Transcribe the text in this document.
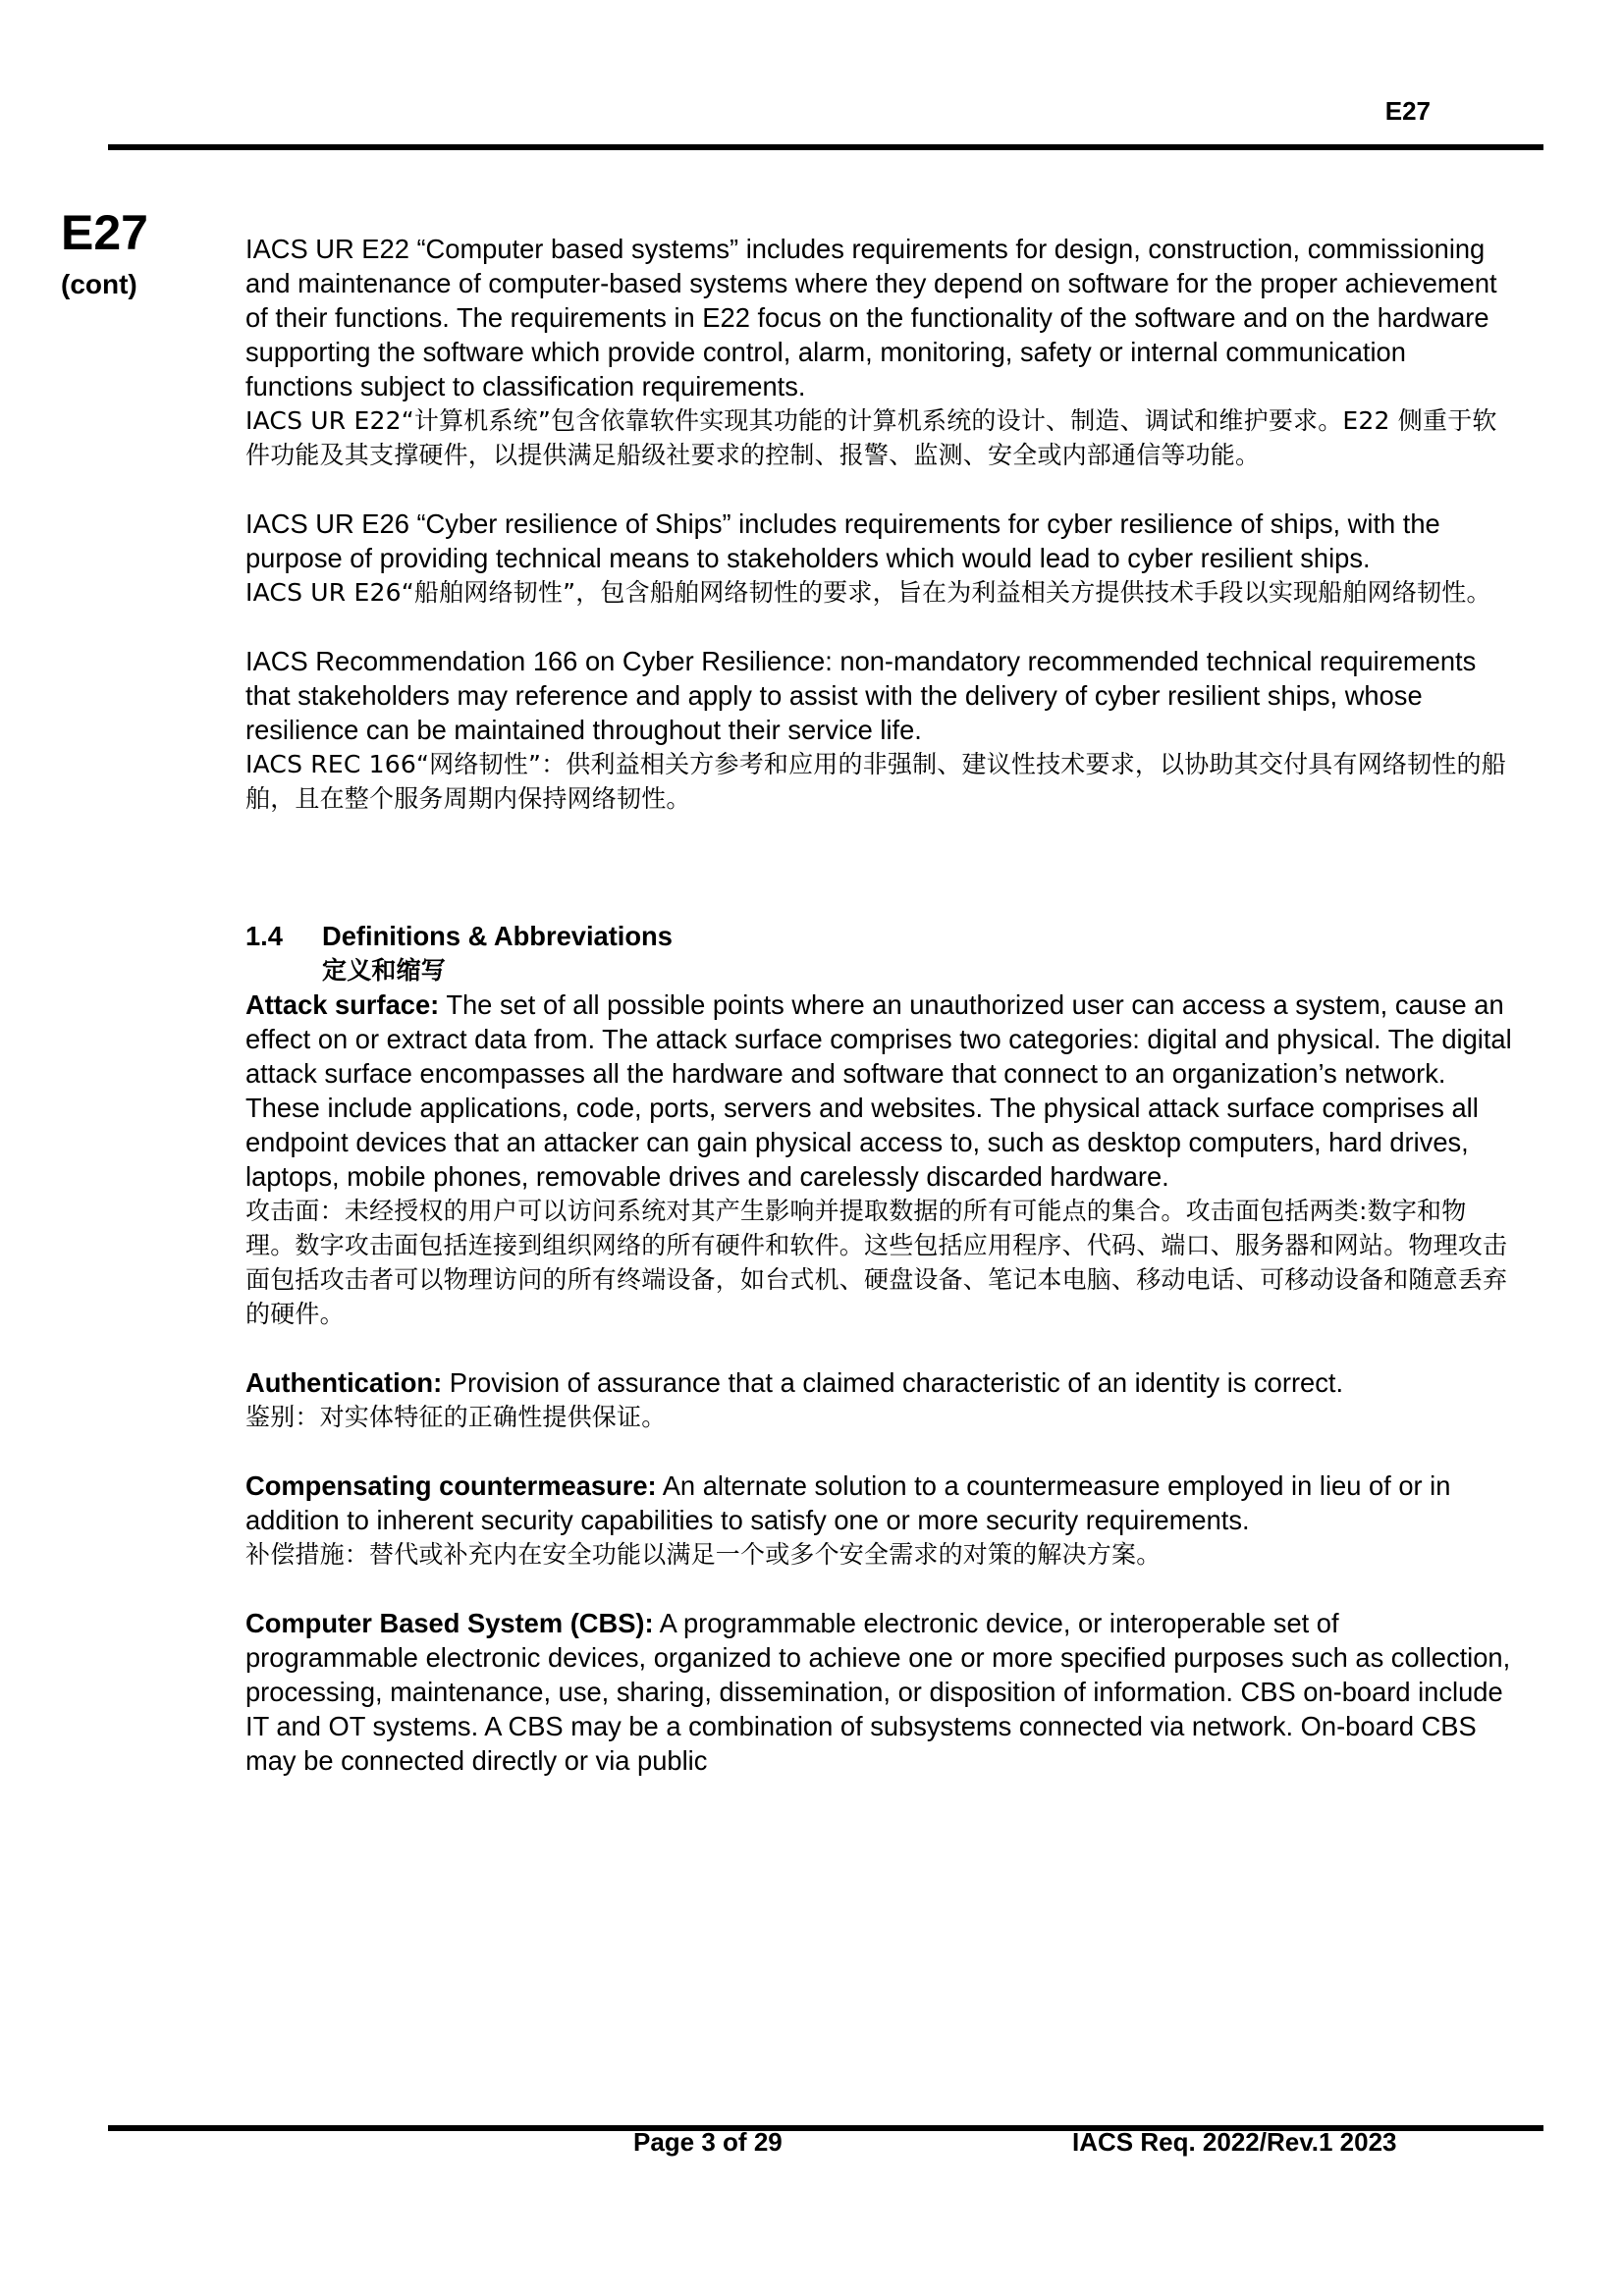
E27
E27
(cont)

IACS UR E22 “Computer based systems” includes requirements for design, construction, commissioning and maintenance of computer-based systems where they depend on software for the proper achievement of their functions. The requirements in E22 focus on the functionality of the software and on the hardware supporting the software which provide control, alarm, monitoring, safety or internal communication functions subject to classification requirements.

IACS UR E22“计算机系统”包含依靠软件实现其功能的计算机系统的设计、制造、调试和维护要求。E22 侧重于软件功能及其支撑硬件，以提供满足船级社要求的控制、报警、监测、安全或内部通信等功能。

IACS UR E26 “Cyber resilience of Ships” includes requirements for cyber resilience of ships, with the purpose of providing technical means to stakeholders which would lead to cyber resilient ships.

IACS UR E26“船舶网络韧性”，包含船舶网络韧性的要求，旨在为利益相关方提供技术手段以实现船舶网络韧性。

IACS Recommendation 166 on Cyber Resilience: non-mandatory recommended technical requirements that stakeholders may reference and apply to assist with the delivery of cyber resilient ships, whose resilience can be maintained throughout their service life.

IACS REC 166“网络韧性”：供利益相关方参考和应用的非强制、建议性技术要求，以协助其交付具有网络韧性的船舶，且在整个服务周期内保持网络韧性。

1.4 Definitions & Abbreviations

定义和缩写

Attack surface: The set of all possible points where an unauthorized user can access a system, cause an effect on or extract data from. The attack surface comprises two categories: digital and physical. The digital attack surface encompasses all the hardware and software that connect to an organization’s network. These include applications, code, ports, servers and websites. The physical attack surface comprises all endpoint devices that an attacker can gain physical access to, such as desktop computers, hard drives, laptops, mobile phones, removable drives and carelessly discarded hardware.

攻击面：未经授权的用户可以访问系统对其产生影响并提取数据的所有可能点的集合。攻击面包括两类:数字和物理。数字攻击面包括连接到组织网络的所有硬件和软件。这些包括应用程序、代码、端口、服务器和网站。物理攻击面包括攻击者可以物理访问的所有终端设备，如台式机、硬盘设备、笔记本电脑、移动电话、可移动设备和随意丢弃的硬件。

Authentication: Provision of assurance that a claimed characteristic of an identity is correct.

鉴别：对实体特征的正确性提供保证。

Compensating countermeasure: An alternate solution to a countermeasure employed in lieu of or in addition to inherent security capabilities to satisfy one or more security requirements.

补偿措施：替代或补充内在安全功能以满足一个或多个安全需求的对策的解决方案。

Computer Based System (CBS): A programmable electronic device, or interoperable set of programmable electronic devices, organized to achieve one or more specified purposes such as collection, processing, maintenance, use, sharing, dissemination, or disposition of information. CBS on-board include IT and OT systems. A CBS may be a combination of subsystems connected via network. On-board CBS may be connected directly or via public

Page 3 of 29	IACS Req. 2022/Rev.1 2023
